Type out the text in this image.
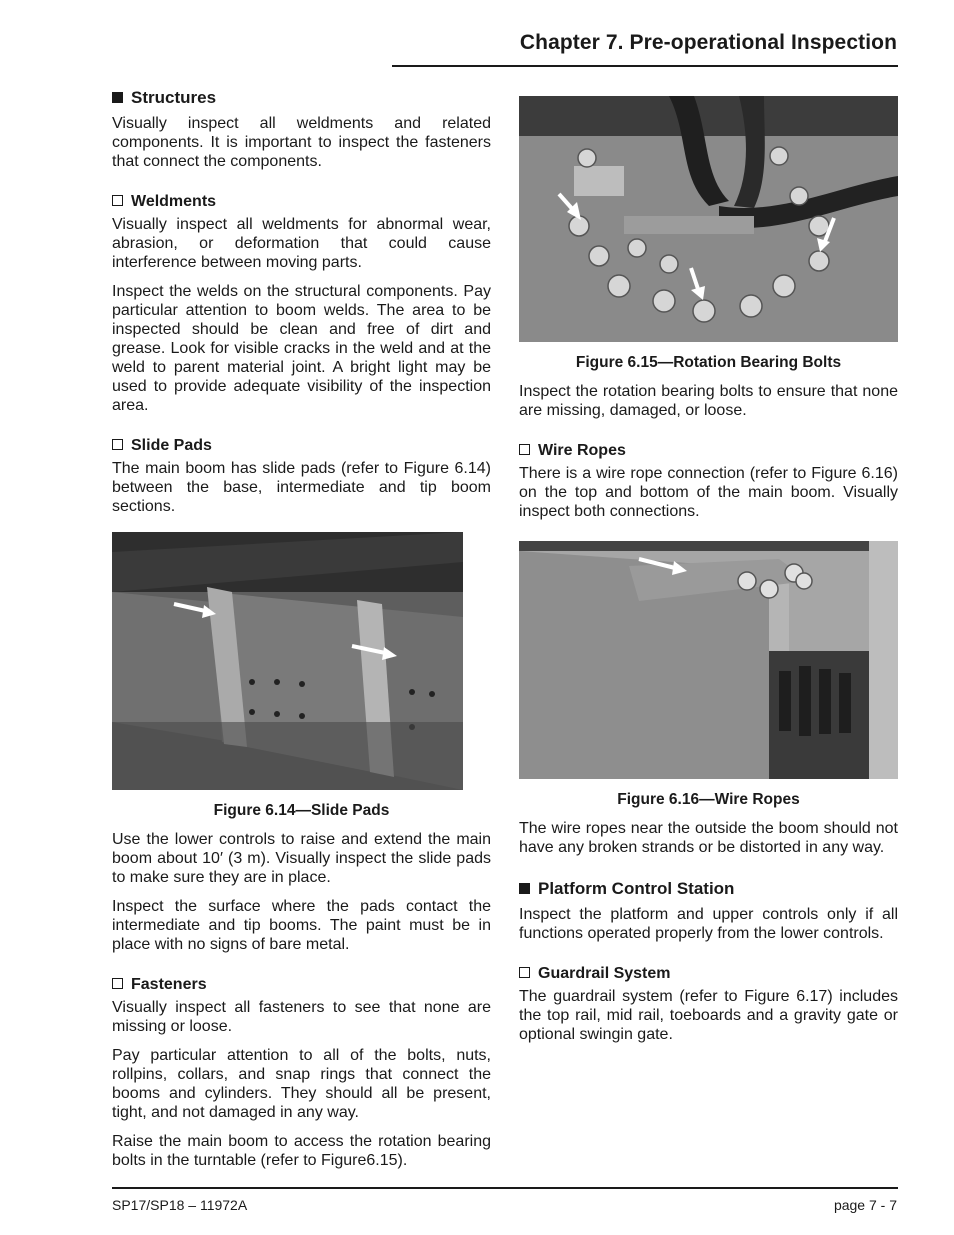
Chapter 7. Pre-operational Inspection
Structures

Visually inspect all weldments and related components. It is important to inspect the fasteners that connect the components.

Weldments

Visually inspect all weldments for abnormal wear, abrasion, or deformation that could cause interference between moving parts.

Inspect the welds on the structural components. Pay particular attention to boom welds. The area to be inspected should be clean and free of dirt and grease. Look for visible cracks in the weld and at the weld to parent material joint. A bright light may be used to provide adequate visibility of the inspection area.

Slide Pads

The main boom has slide pads (refer to Figure 6.14) between the base, intermediate and tip boom sections.

Figure 6.14—Slide Pads

Use the lower controls to raise and extend the main boom about 10′ (3 m). Visually inspect the slide pads to make sure they are in place.

Inspect the surface where the pads contact the intermediate and tip booms. The paint must be in place with no signs of bare metal.

Fasteners

Visually inspect all fasteners to see that none are missing or loose.

Pay particular attention to all of the bolts, nuts, rollpins, collars, and snap rings that connect the booms and cylinders. They should all be present, tight, and not damaged in any way.

Raise the main boom to access the rotation bearing bolts in the turntable (refer to Figure6.15).

Figure 6.15—Rotation Bearing Bolts

Inspect the rotation bearing bolts to ensure that none are missing, damaged, or loose.

Wire Ropes

There is a wire rope connection (refer to Figure 6.16) on the top and bottom of the main boom. Visually inspect both connections.

Figure 6.16—Wire Ropes

The wire ropes near the outside the boom should not have any broken strands or be distorted in any way.

Platform Control Station

Inspect the platform and upper controls only if all functions operated properly from the lower controls.

Guardrail System

The guardrail system (refer to Figure 6.17) includes the top rail, mid rail, toeboards and a gravity gate or optional swingin gate.

SP17/SP18 – 11972A	page 7 - 7
